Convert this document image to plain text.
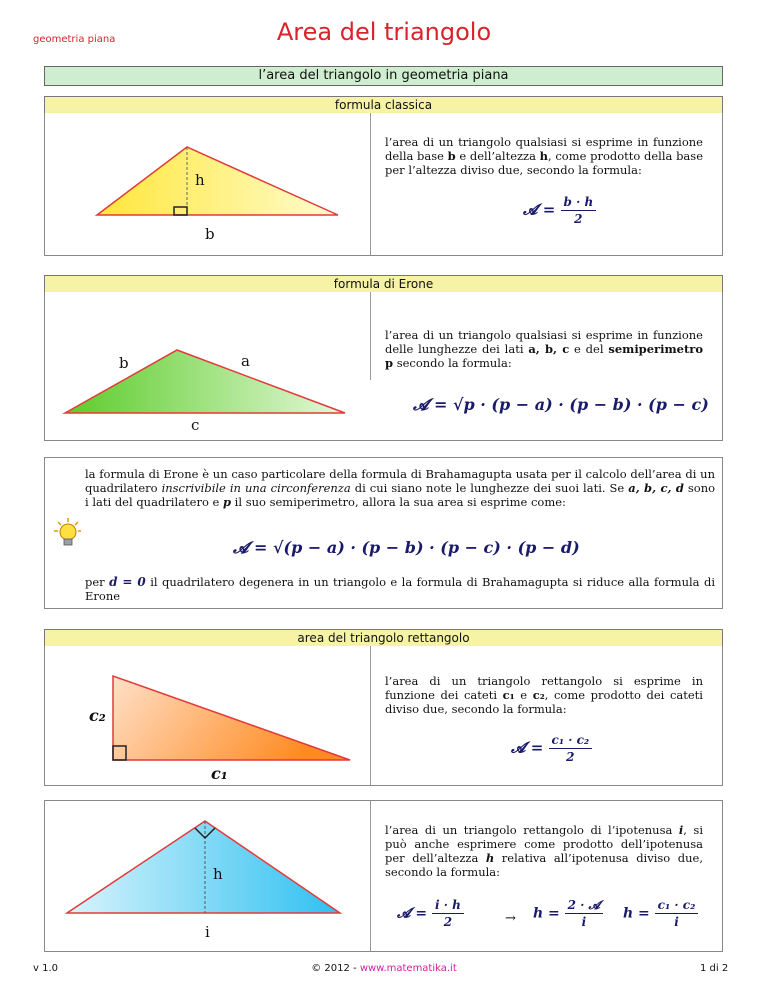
geometria piana	Area del triangolo
l’area del triangolo in geometria piana
formula classica
h
b
l’area di un triangolo qualsiasi si esprime in funzione della base b e dell’altezza h, come prodotto della base per l’altezza diviso due, secondo la formula:
𝓐 = $\frac{b \cdot h}{2}$
formula di Erone
b	a
c
l’area di un triangolo qualsiasi si esprime in funzione delle lunghezze dei lati a, b, c e del semiperimetro p secondo la formula:
𝓐 = √p · (p − a) · (p − b) · (p − c)
la formula di Erone è un caso particolare della formula di Brahamagupta usata per il calcolo dell’area di un quadrilatero inscrivibile in una circonferenza di cui siano note le lunghezze dei suoi lati. Se a, b, c, d sono i lati del quadrilatero e p il suo semiperimetro, allora la sua area si esprime come:
𝓐 = √(p − a) · (p − b) · (p − c) · (p − d)
per d = 0 il quadrilatero degenera in un triangolo e la formula di Brahamagupta si riduce alla formula di Erone
area del triangolo rettangolo
𝒄₂
𝒄₁
l’area di un triangolo rettangolo si esprime in funzione dei cateti c₁ e c₂, come prodotto dei cateti diviso due, secondo la formula:
𝓐 = $\frac{\text{c₁ · c₂}}{2}$
h
i
l’area di un triangolo rettangolo di l’ipotenusa i, si può anche esprimere come prodotto dell’ipotenusa per dell’altezza h relativa all’ipotenusa diviso due, secondo la formula:
𝓐 = $\frac{i \cdot h}{2}$	→ $h = \frac{\text{2 · 𝓐}}{i}$ $h = \frac{\text{c₁ · c₂}}{i}$
v 1.0	© 2012 - www.matematika.it	1 di 2
